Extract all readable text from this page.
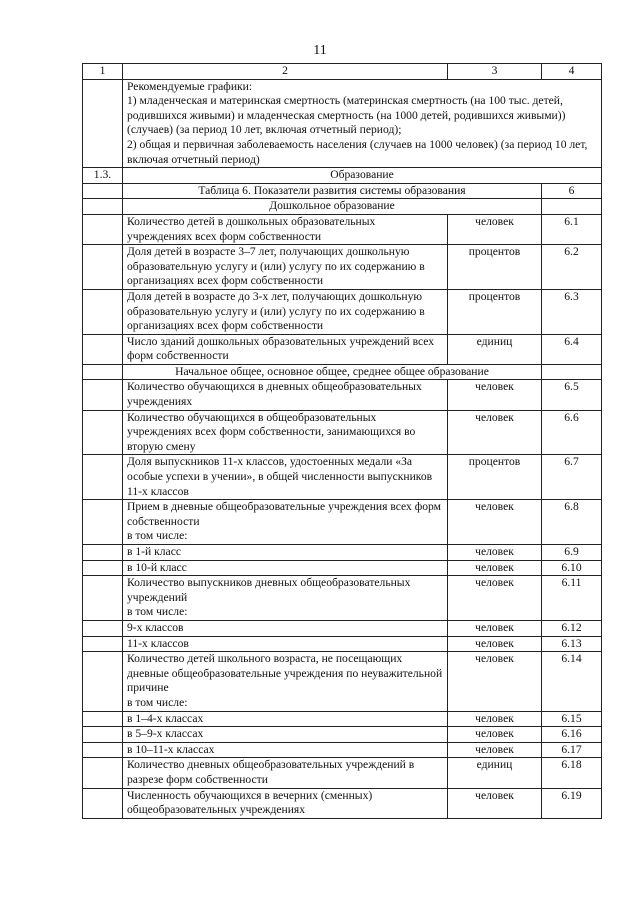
11
1	2	3	4

	Рекомендуемые графики:
1) младенческая и материнская смертность (материнская смертность (на 100 тыс. детей, родившихся живыми) и младенческая смертность (на 1000 детей, родившихся живыми)) (случаев) (за период 10 лет, включая отчетный период);
2) общая и первичная заболеваемость населения (случаев на 1000 человек) (за период 10 лет, включая отчетный период)		

1.3.	Образование		
	Таблица 6. Показатели развития системы образования		6
	Дошкольное образование		

	Количество детей в дошкольных образовательных учреждениях всех форм собственности	человек	6.1

	Доля детей в возрасте 3–7 лет, получающих дошкольную образовательную услугу и (или) услугу по их содержанию в организациях всех форм собственности	процентов	6.2

	Доля детей в возрасте до 3-х лет, получающих дошкольную образовательную услугу и (или) услугу по их содержанию в организациях всех форм собственности	процентов	6.3

	Число зданий дошкольных образовательных учреждений всех форм собственности	единиц	6.4
	Начальное общее, основное общее, среднее общее образование		

	Количество обучающихся в дневных общеобразовательных учреждениях	человек	6.5

	Количество обучающихся в общеобразовательных учреждениях всех форм собственности, занимающихся во вторую смену	человек	6.6

	Доля выпускников 11-х классов, удостоенных медали «За особые успехи в учении», в общей численности выпускников 11-х классов	процентов	6.7

	Прием в дневные общеобразовательные учреждения всех форм собственности
в том числе:	человек	6.8

	в 1-й класс	человек	6.9

	в 10-й класс	человек	6.10

	Количество выпускников дневных общеобразовательных учреждений
в том числе:	человек	6.11

	9-х классов	человек	6.12

	11-х классов	человек	6.13

	Количество детей школьного возраста, не посещающих дневные общеобразовательные учреждения по неуважительной причине
в том числе:	человек	6.14

	в 1–4-х классах	человек	6.15

	в 5–9-х классах	человек	6.16

	в 10–11-х классах	человек	6.17

	Количество дневных общеобразовательных учреждений в разрезе форм собственности	единиц	6.18

	Численность обучающихся в вечерних (сменных) общеобразовательных учреждениях	человек	6.19
